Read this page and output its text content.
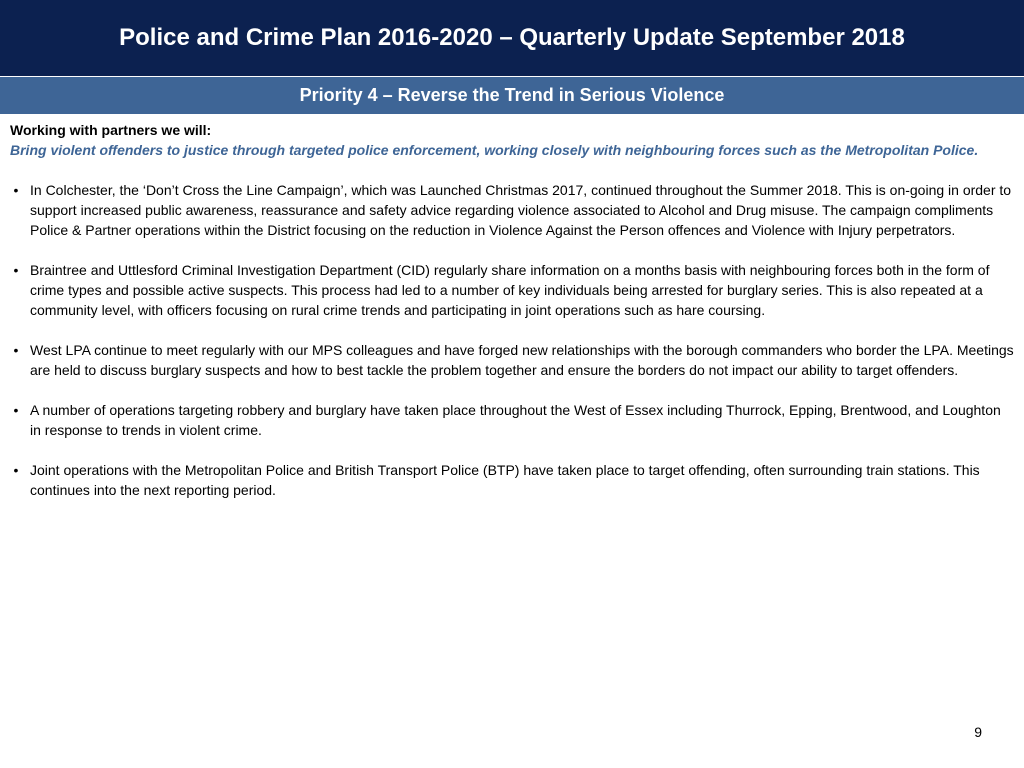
Police and Crime Plan 2016-2020 – Quarterly Update September 2018
Priority 4 – Reverse the Trend in Serious Violence

Working with partners we will:

Bring violent offenders to justice through targeted police enforcement, working closely with neighbouring forces such as the Metropolitan Police.

• In Colchester, the ‘Don’t Cross the Line Campaign’, which was Launched Christmas 2017, continued throughout the Summer 2018. This is on-going in order to support increased public awareness, reassurance and safety advice regarding violence associated to Alcohol and Drug misuse. The campaign compliments Police & Partner operations within the District focusing on the reduction in Violence Against the Person offences and Violence with Injury perpetrators.
• Braintree and Uttlesford Criminal Investigation Department (CID) regularly share information on a months basis with neighbouring forces both in the form of crime types and possible active suspects. This process had led to a number of key individuals being arrested for burglary series. This is also repeated at a community level, with officers focusing on rural crime trends and participating in joint operations such as hare coursing.
• West LPA continue to meet regularly with our MPS colleagues and have forged new relationships with the borough commanders who border the LPA. Meetings are held to discuss burglary suspects and how to best tackle the problem together and ensure the borders do not impact our ability to target offenders.
• A number of operations targeting robbery and burglary have taken place throughout the West of Essex including Thurrock, Epping, Brentwood, and Loughton in response to trends in violent crime.
• Joint operations with the Metropolitan Police and British Transport Police (BTP) have taken place to target offending, often surrounding train stations. This continues into the next reporting period.
9
